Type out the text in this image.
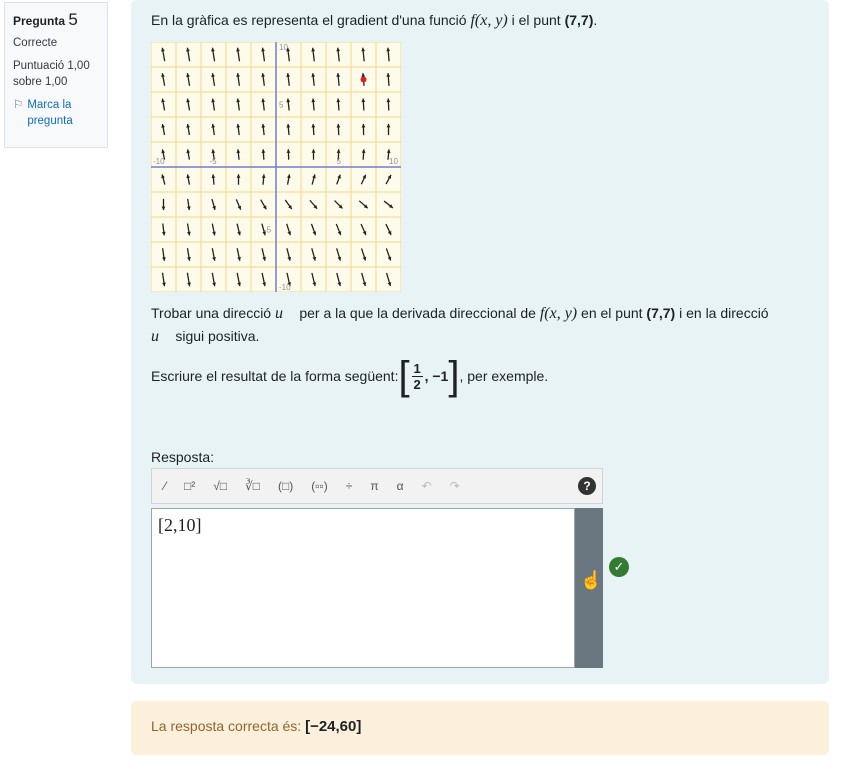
Pregunta 5
Correcte
Puntuació 1,00 sobre 1,00
⚐ Marca la pregunta
En la gràfica es representa el gradient d'una funció f(x, y) i el punt (7,7).
-10	-5	5	10
10
5
-5
-10
Trobar una direcció u⃗ per a la que la derivada direccional de f(x, y) en el punt (7,7) i en la direcció u⃗ sigui positiva.
Escriure el resultat de la forma següent: [ $\frac{1}{2}$ , −1 ] , per exemple.
Resposta:
⁄	□²	√□	∛□	(□)	(▫▫)	÷	π	α	↶	↷	?
[2,10]
☝
✓
La resposta correcta és: [−24,60]
